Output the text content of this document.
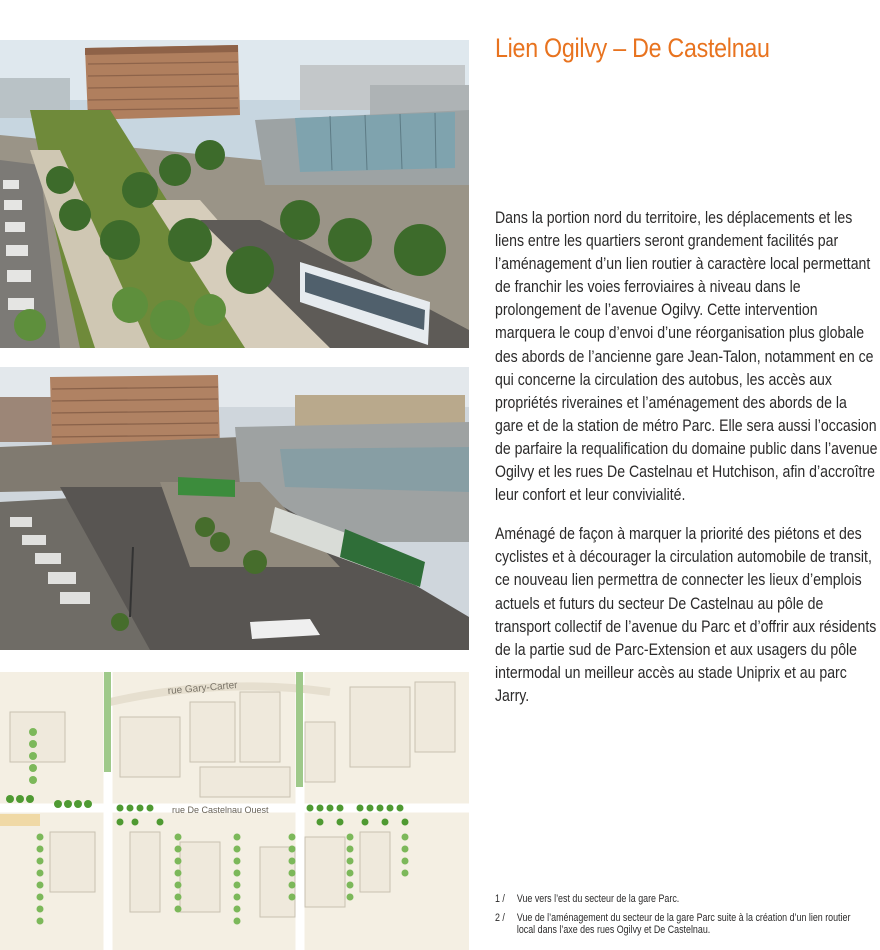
rue Gary-Carter
rue De Castelnau Ouest
Lien Ogilvy – De Castelnau

Dans la portion nord du territoire, les déplacements et les liens entre les quartiers seront grandement facilités par l’aménagement d’un lien routier à caractère local permettant de franchir les voies ferroviaires à niveau dans le prolongement de l’avenue Ogilvy. Cette intervention marquera le coup d’envoi d’une réorganisation plus globale des abords de l’ancienne gare Jean-Talon, notamment en ce qui concerne la circulation des autobus, les accès aux propriétés riveraines et l’aménagement des abords de la gare et de la station de métro Parc. Elle sera aussi l’occasion de parfaire la requalification du domaine public dans l’avenue Ogilvy et les rues De Castelnau et Hutchison, afin d’accroître leur confort et leur convivialité.

Aménagé de façon à marquer la priorité des piétons et des cyclistes et à décourager la circulation automobile de transit, ce nouveau lien permettra de connecter les lieux d’emplois actuels et futurs du secteur De Castelnau au pôle de transport collectif de l’avenue du Parc et d’offrir aux résidents de la partie sud de Parc-Extension et aux usagers du pôle intermodal un meilleur accès au stade Uniprix et au parc Jarry.

1 /	Vue vers l’est du secteur de la gare Parc.
2 /	Vue de l’aménagement du secteur de la gare Parc suite à la création d’un lien routier local dans l’axe des rues Ogilvy et De Castelnau.
